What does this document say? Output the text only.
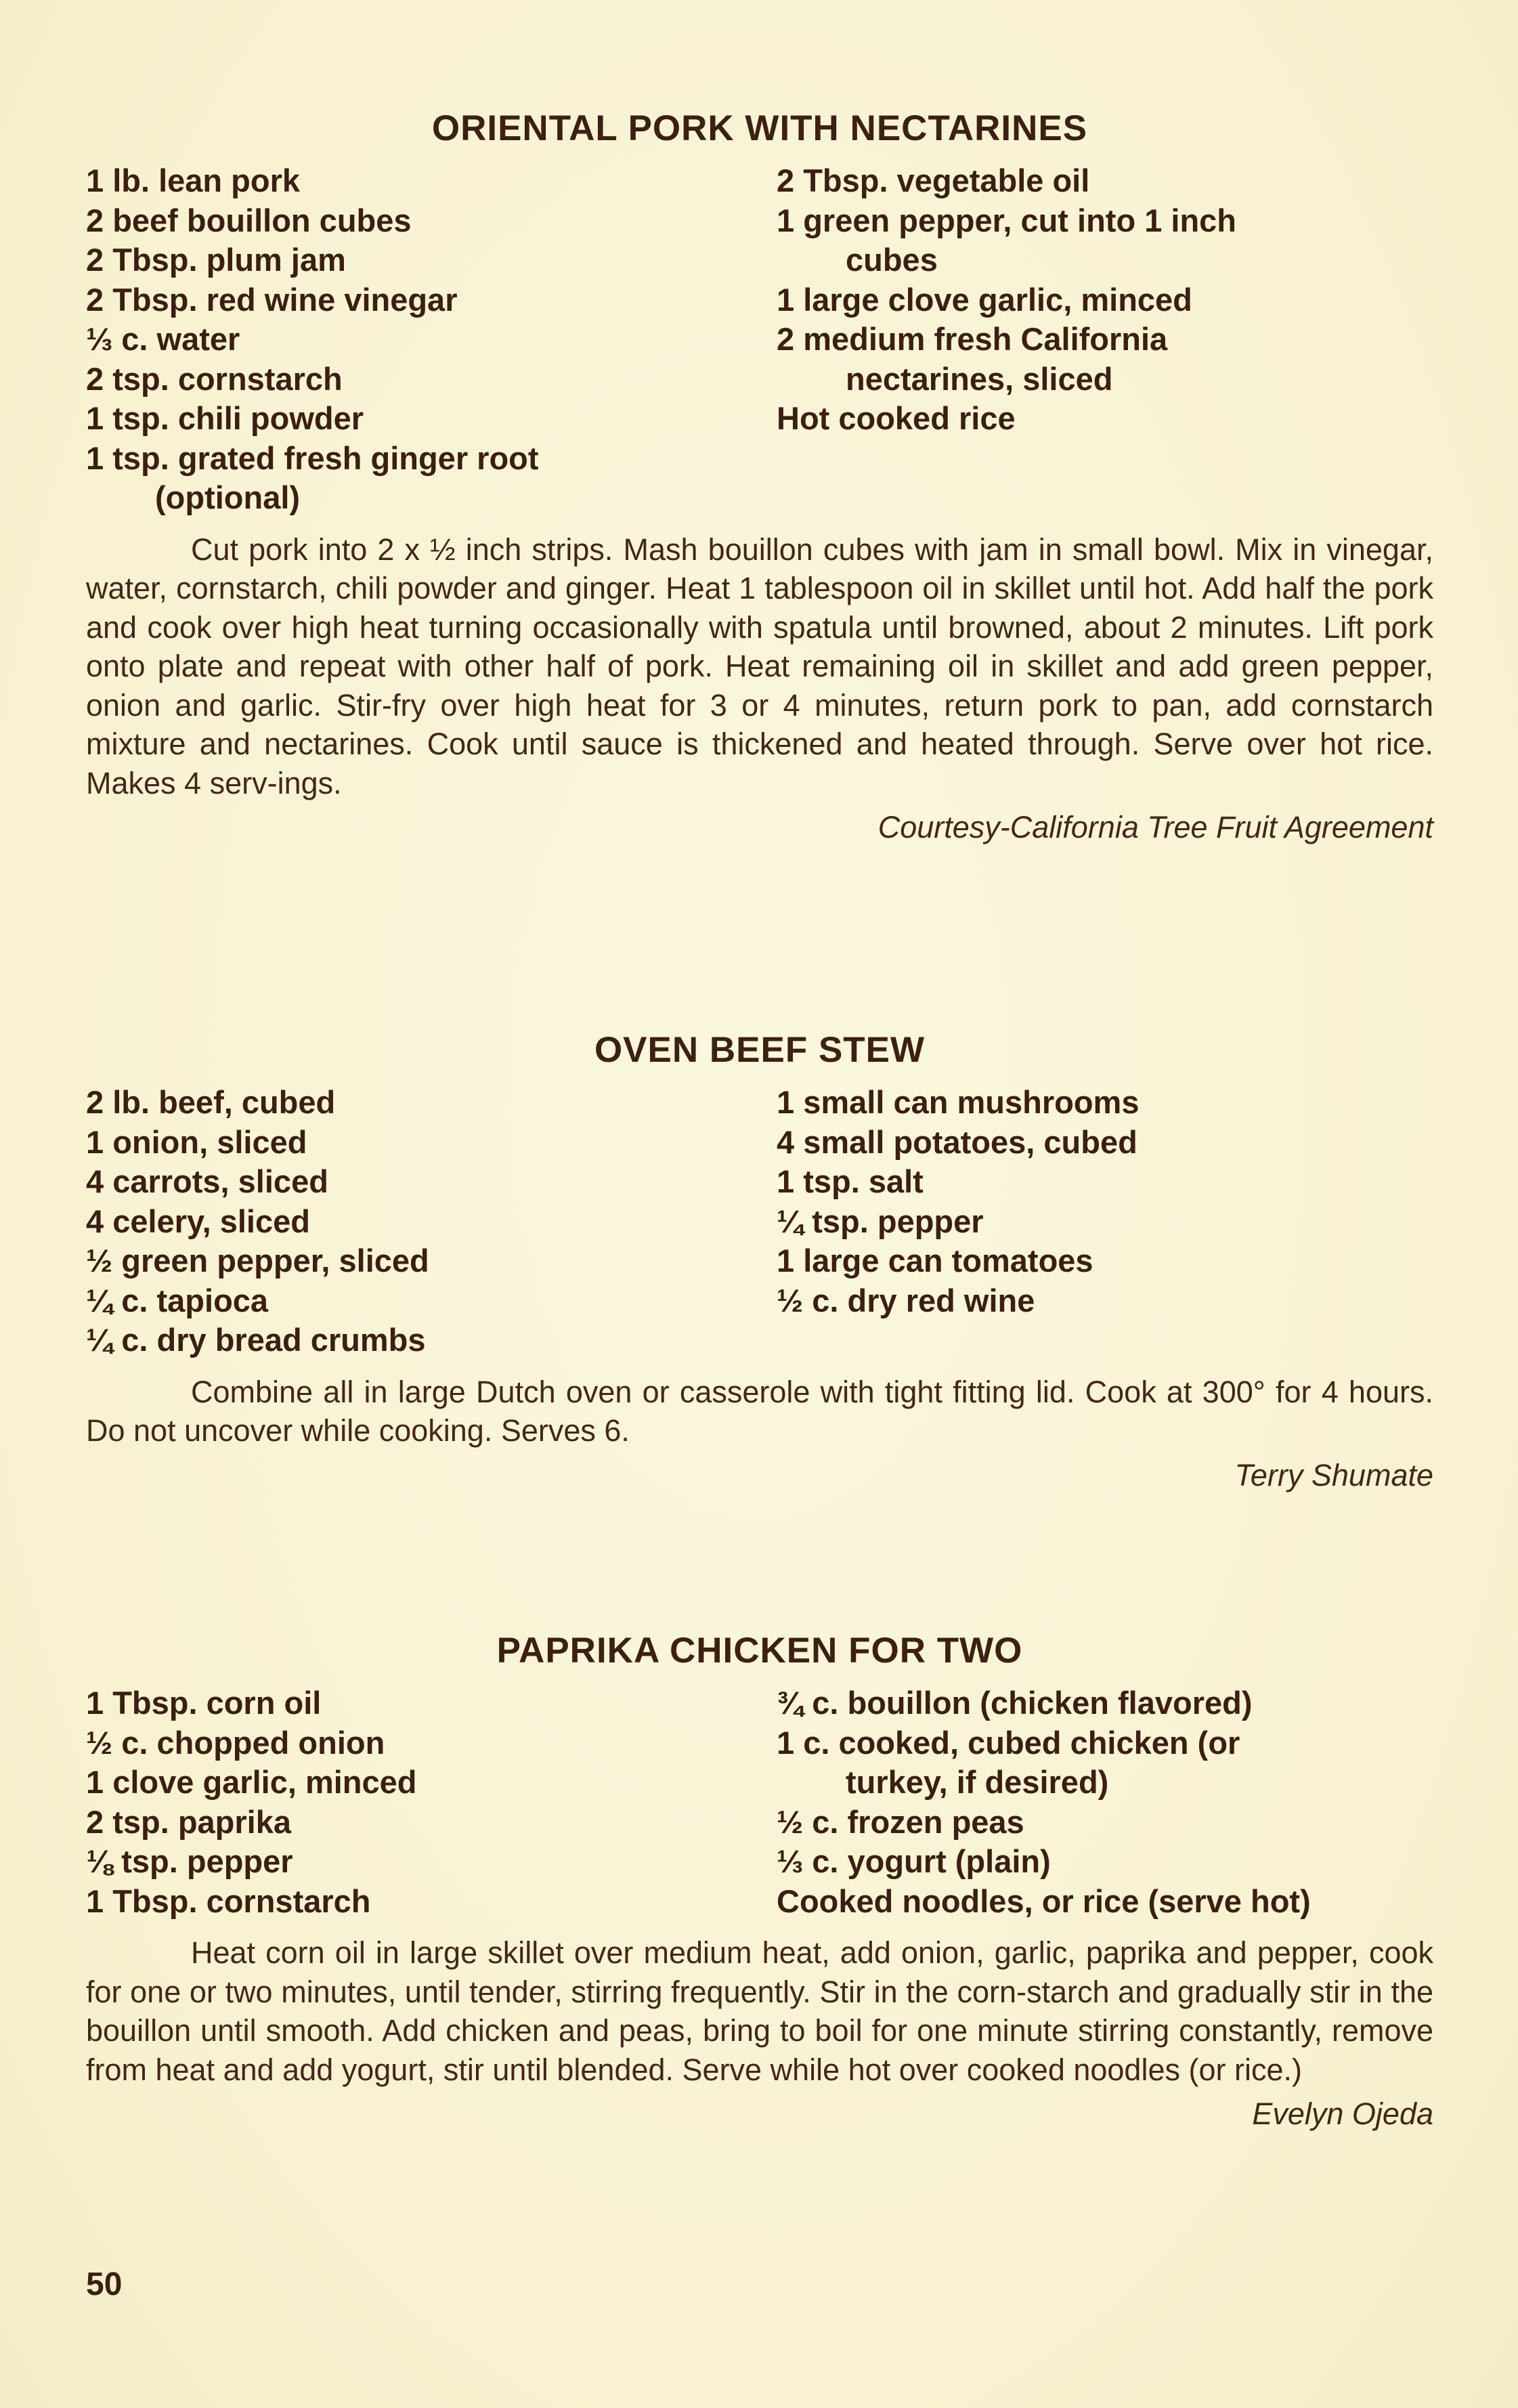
ORIENTAL PORK WITH NECTARINES
1 lb. lean pork
2 beef bouillon cubes
2 Tbsp. plum jam
2 Tbsp. red wine vinegar
⅓ c. water
2 tsp. cornstarch
1 tsp. chili powder
1 tsp. grated fresh ginger root
(optional)
2 Tbsp. vegetable oil
1 green pepper, cut into 1 inch
cubes
1 large clove garlic, minced
2 medium fresh California
nectarines, sliced
Hot cooked rice

Cut pork into 2 x ½ inch strips. Mash bouillon cubes with jam in small bowl. Mix in vinegar, water, cornstarch, chili powder and ginger. Heat 1 tablespoon oil in skillet until hot. Add half the pork and cook over high heat turning occasionally with spatula until browned, about 2 minutes. Lift pork onto plate and repeat with other half of pork. Heat remaining oil in skillet and add green pepper, onion and garlic. Stir-fry over high heat for 3 or 4 minutes, return pork to pan, add cornstarch mixture and nectarines. Cook until sauce is thickened and heated through. Serve over hot rice. Makes 4 serv-ings.

Courtesy-California Tree Fruit Agreement

OVEN BEEF STEW
2 lb. beef, cubed
1 onion, sliced
4 carrots, sliced
4 celery, sliced
½ green pepper, sliced
¼ c. tapioca
¼ c. dry bread crumbs
1 small can mushrooms
4 small potatoes, cubed
1 tsp. salt
¼ tsp. pepper
1 large can tomatoes
½ c. dry red wine

Combine all in large Dutch oven or casserole with tight fitting lid. Cook at 300° for 4 hours. Do not uncover while cooking. Serves 6.

Terry Shumate

PAPRIKA CHICKEN FOR TWO
1 Tbsp. corn oil
½ c. chopped onion
1 clove garlic, minced
2 tsp. paprika
⅛ tsp. pepper
1 Tbsp. cornstarch
¾ c. bouillon (chicken flavored)
1 c. cooked, cubed chicken (or
turkey, if desired)
½ c. frozen peas
⅓ c. yogurt (plain)
Cooked noodles, or rice (serve hot)

Heat corn oil in large skillet over medium heat, add onion, garlic, paprika and pepper, cook for one or two minutes, until tender, stirring frequently. Stir in the corn-starch and gradually stir in the bouillon until smooth. Add chicken and peas, bring to boil for one minute stirring constantly, remove from heat and add yogurt, stir until blended. Serve while hot over cooked noodles (or rice.)

Evelyn Ojeda

50
